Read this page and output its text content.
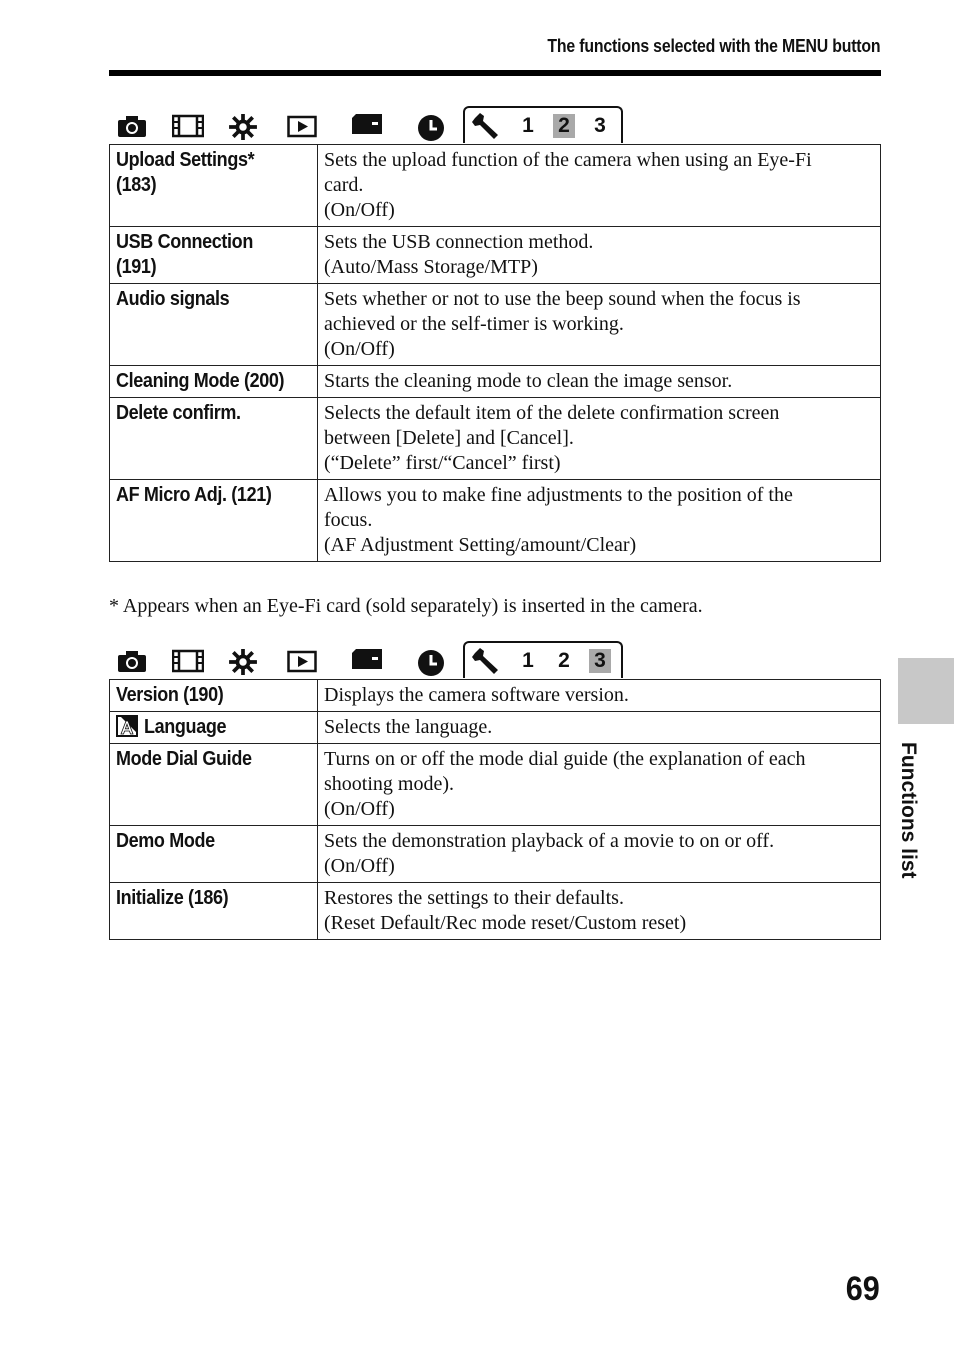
The functions selected with the MENU button
1 2 3
Upload Settings*
(183)	Sets the upload function of the camera when using an Eye-Fi
card.
(On/Off)

USB Connection
(191)	Sets the USB connection method.
(Auto/Mass Storage/MTP)

Audio signals	Sets whether or not to use the beep sound when the focus is
achieved or the self-timer is working.
(On/Off)

Cleaning Mode (200)	Starts the cleaning mode to clean the image sensor.

Delete confirm.	Selects the default item of the delete confirmation screen
between [Delete] and [Cancel].
(“Delete” first/“Cancel” first)

AF Micro Adj. (121)	Allows you to make fine adjustments to the position of the
focus.
(AF Adjustment Setting/amount/Clear)
* Appears when an Eye-Fi card (sold separately) is inserted in the camera.
1 2 3
Version (190)	Displays the camera software version.

Language	Selects the language.

Mode Dial Guide	Turns on or off the mode dial guide (the explanation of each
shooting mode).
(On/Off)

Demo Mode	Sets the demonstration playback of a movie to on or off.
(On/Off)

Initialize (186)	Restores the settings to their defaults.
(Reset Default/Rec mode reset/Custom reset)
Functions list
69
